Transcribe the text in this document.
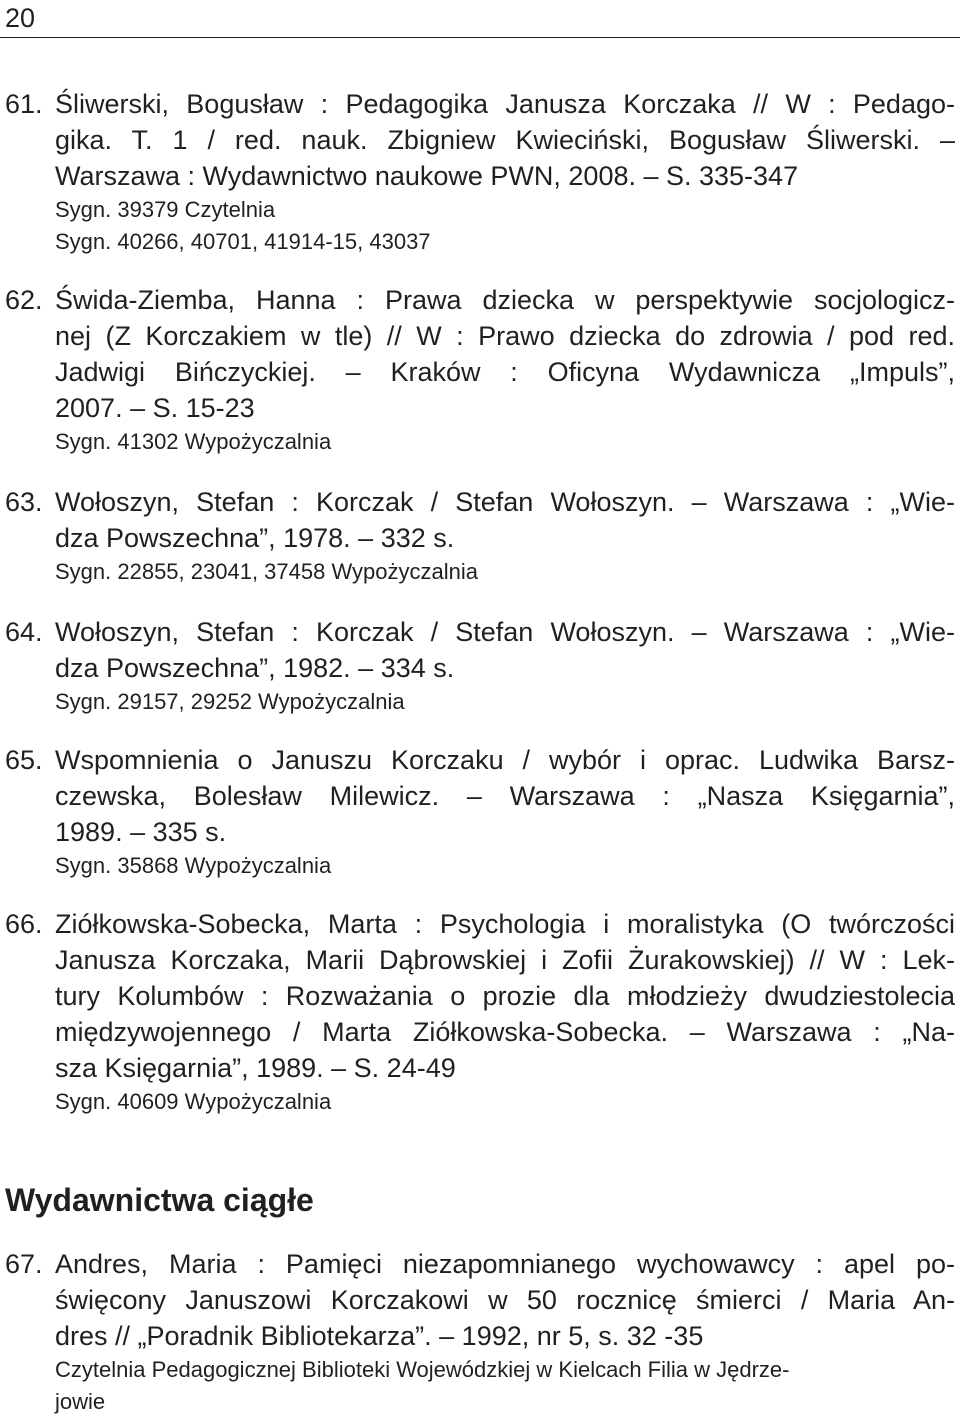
20
61. Śliwerski, Bogusław : Pedagogika Janusza Korczaka // W : Pedago-
gika. T. 1 / red. nauk. Zbigniew Kwieciński, Bogusław Śliwerski. –
Warszawa : Wydawnictwo naukowe PWN, 2008. – S. 335-347
Sygn. 39379 Czytelnia
Sygn. 40266, 40701, 41914-15, 43037
62. Świda-Ziemba, Hanna : Prawa dziecka w perspektywie socjologicz-
nej (Z Korczakiem w tle) // W : Prawo dziecka do zdrowia / pod red.
Jadwigi Bińczyckiej. – Kraków : Oficyna Wydawnicza „Impuls”,
2007. – S. 15-23
Sygn. 41302 Wypożyczalnia
63. Wołoszyn, Stefan : Korczak / Stefan Wołoszyn. – Warszawa : „Wie-
dza Powszechna”, 1978. – 332 s.
Sygn. 22855, 23041, 37458 Wypożyczalnia
64. Wołoszyn, Stefan : Korczak / Stefan Wołoszyn. – Warszawa : „Wie-
dza Powszechna”, 1982. – 334 s.
Sygn. 29157, 29252 Wypożyczalnia
65. Wspomnienia o Januszu Korczaku / wybór i oprac. Ludwika Barsz-
czewska, Bolesław Milewicz. – Warszawa : „Nasza Księgarnia”,
1989. – 335 s.
Sygn. 35868 Wypożyczalnia
66. Ziółkowska-Sobecka, Marta : Psychologia i moralistyka (O twórczości
Janusza Korczaka, Marii Dąbrowskiej i Zofii Żurakowskiej) // W : Lek-
tury Kolumbów : Rozważania o prozie dla młodzieży dwudziestolecia
międzywojennego / Marta Ziółkowska-Sobecka. – Warszawa : „Na-
sza Księgarnia”, 1989. – S. 24-49
Sygn. 40609 Wypożyczalnia
Wydawnictwa ciągłe
67. Andres, Maria : Pamięci niezapomnianego wychowawcy : apel po-
święcony Januszowi Korczakowi w 50 rocznicę śmierci / Maria An-
dres // „Poradnik Bibliotekarza”. – 1992, nr 5, s. 32 -35
Czytelnia Pedagogicznej Biblioteki Wojewódzkiej w Kielcach Filia w Jędrze-
jowie
